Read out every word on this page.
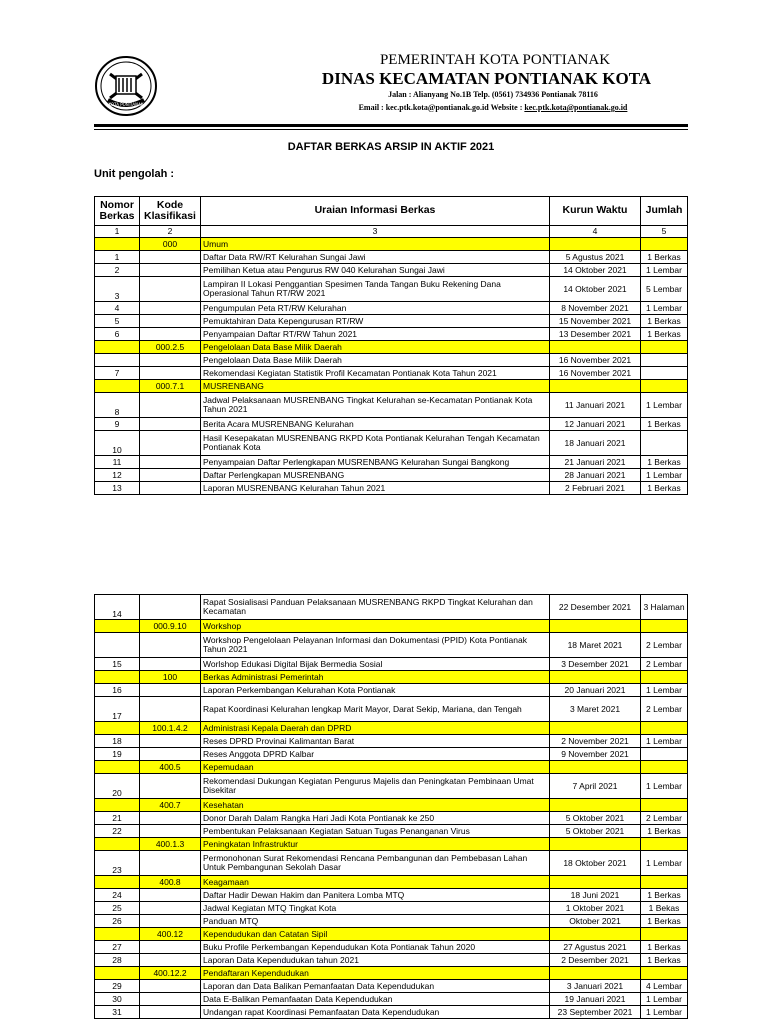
KOTA PONTIANAK
PEMERINTAH KOTA PONTIANAK
DINAS KECAMATAN PONTIANAK KOTA
Jalan : Alianyang No.1B Telp. (0561) 734936 Pontianak 78116
Email : kec.ptk.kota@pontianak.go.id Website : kec.ptk.kota@pontianak.go.id
DAFTAR BERKAS ARSIP IN AKTIF 2021
Unit pengolah :
Nomor Berkas	Kode Klasifikasi	Uraian Informasi Berkas	Kurun Waktu	Jumlah
1	2	3	4	5
	000	Umum		
1		Daftar Data RW/RT Kelurahan Sungai Jawi	5 Agustus 2021	1 Berkas
2		Pemilihan Ketua atau Pengurus RW 040 Kelurahan Sungai Jawi	14 Oktober 2021	1 Lembar
3		Lampiran II Lokasi Penggantian Spesimen Tanda Tangan Buku Rekening Dana Operasional Tahun RT/RW 2021	14 Oktober 2021	5 Lembar
4		Pengumpulan Peta RT/RW Kelurahan	8 November 2021	1 Lembar
5		Pemuktahiran Data Kepengurusan RT/RW	15 November 2021	1 Berkas
6		Penyampaian Daftar RT/RW Tahun 2021	13 Desember 2021	1 Berkas
	000.2.5	Pengelolaan Data Base Milik Daerah		
		Pengelolaan Data Base Milik Daerah	16 November 2021	
7		Rekomendasi Kegiatan Statistik Profil Kecamatan Pontianak Kota Tahun 2021	16 November 2021	
	000.7.1	MUSRENBANG		
8		Jadwal Pelaksanaan MUSRENBANG Tingkat Kelurahan se-Kecamatan Pontianak Kota Tahun 2021	11 Januari 2021	1 Lembar
9		Berita Acara MUSRENBANG Kelurahan	12 Januari 2021	1 Berkas
10		Hasil Kesepakatan MUSRENBANG RKPD Kota Pontianak Kelurahan Tengah Kecamatan Pontianak Kota	18 Januari 2021	
11		Penyampaian Daftar Perlengkapan MUSRENBANG Kelurahan Sungai Bangkong	21 Januari 2021	1 Berkas
12		Daftar Perlengkapan MUSRENBANG	28 Januari 2021	1 Lembar
13		Laporan MUSRENBANG Kelurahan Tahun 2021	2 Februari 2021	1 Berkas
14		Rapat Sosialisasi Panduan Pelaksanaan MUSRENBANG RKPD Tingkat Kelurahan dan Kecamatan	22 Desember 2021	3 Halaman
	000.9.10	Workshop		
		Workshop Pengelolaan Pelayanan Informasi dan Dokumentasi (PPID) Kota Pontianak Tahun 2021	18 Maret 2021	2 Lembar
15		Worlshop Edukasi Digital Bijak Bermedia Sosial	3 Desember 2021	2 Lembar
	100	Berkas Administrasi Pemerintah		
16		Laporan Perkembangan Kelurahan Kota Pontianak	20 Januari 2021	1 Lembar
17		Rapat Koordinasi Kelurahan lengkap Marit Mayor, Darat Sekip, Mariana, dan Tengah	3 Maret 2021	2 Lembar
	100.1.4.2	Administrasi Kepala Daerah dan DPRD		
18		Reses DPRD Provinai Kalimantan Barat	2 November 2021	1 Lembar
19		Reses Anggota DPRD Kalbar	9 November 2021	
	400.5	Kepemudaan		
20		Rekomendasi Dukungan Kegiatan Pengurus Majelis dan Peningkatan Pembinaan Umat Disekitar	7 April 2021	1 Lembar
	400.7	Kesehatan		
21		Donor Darah Dalam Rangka Hari Jadi Kota Pontianak ke 250	5 Oktober 2021	2 Lembar
22		Pembentukan Pelaksanaan Kegiatan Satuan Tugas Penanganan Virus	5 Oktober 2021	1 Berkas
	400.1.3	Peningkatan Infrastruktur		
23		Permonohonan Surat Rekomendasi Rencana Pembangunan dan Pembebasan Lahan Untuk Pembangunan Sekolah Dasar	18 Oktober 2021	1 Lembar
	400.8	Keagamaan		
24		Daftar Hadir Dewan Hakim dan Panitera Lomba MTQ	18 Juni 2021	1 Berkas
25		Jadwal Kegiatan MTQ Tingkat Kota	1 Oktober 2021	1 Bekas
26		Panduan MTQ	Oktober 2021	1 Berkas
	400.12	Kependudukan dan Catatan Sipil		
27		Buku Profile Perkembangan Kependudukan Kota Pontianak Tahun 2020	27 Agustus 2021	1 Berkas
28		Laporan Data Kependudukan tahun 2021	2 Desember 2021	1 Berkas
	400.12.2	Pendaftaran Kependudukan		
29		Laporan dan Data Balikan Pemanfaatan Data Kependudukan	3 Januari 2021	4 Lembar
30		Data E-Balikan Pemanfaatan Data Kependudukan	19 Januari 2021	1 Lembar
31		Undangan rapat Koordinasi Pemanfaatan Data Kependudukan	23 September 2021	1 Lembar
